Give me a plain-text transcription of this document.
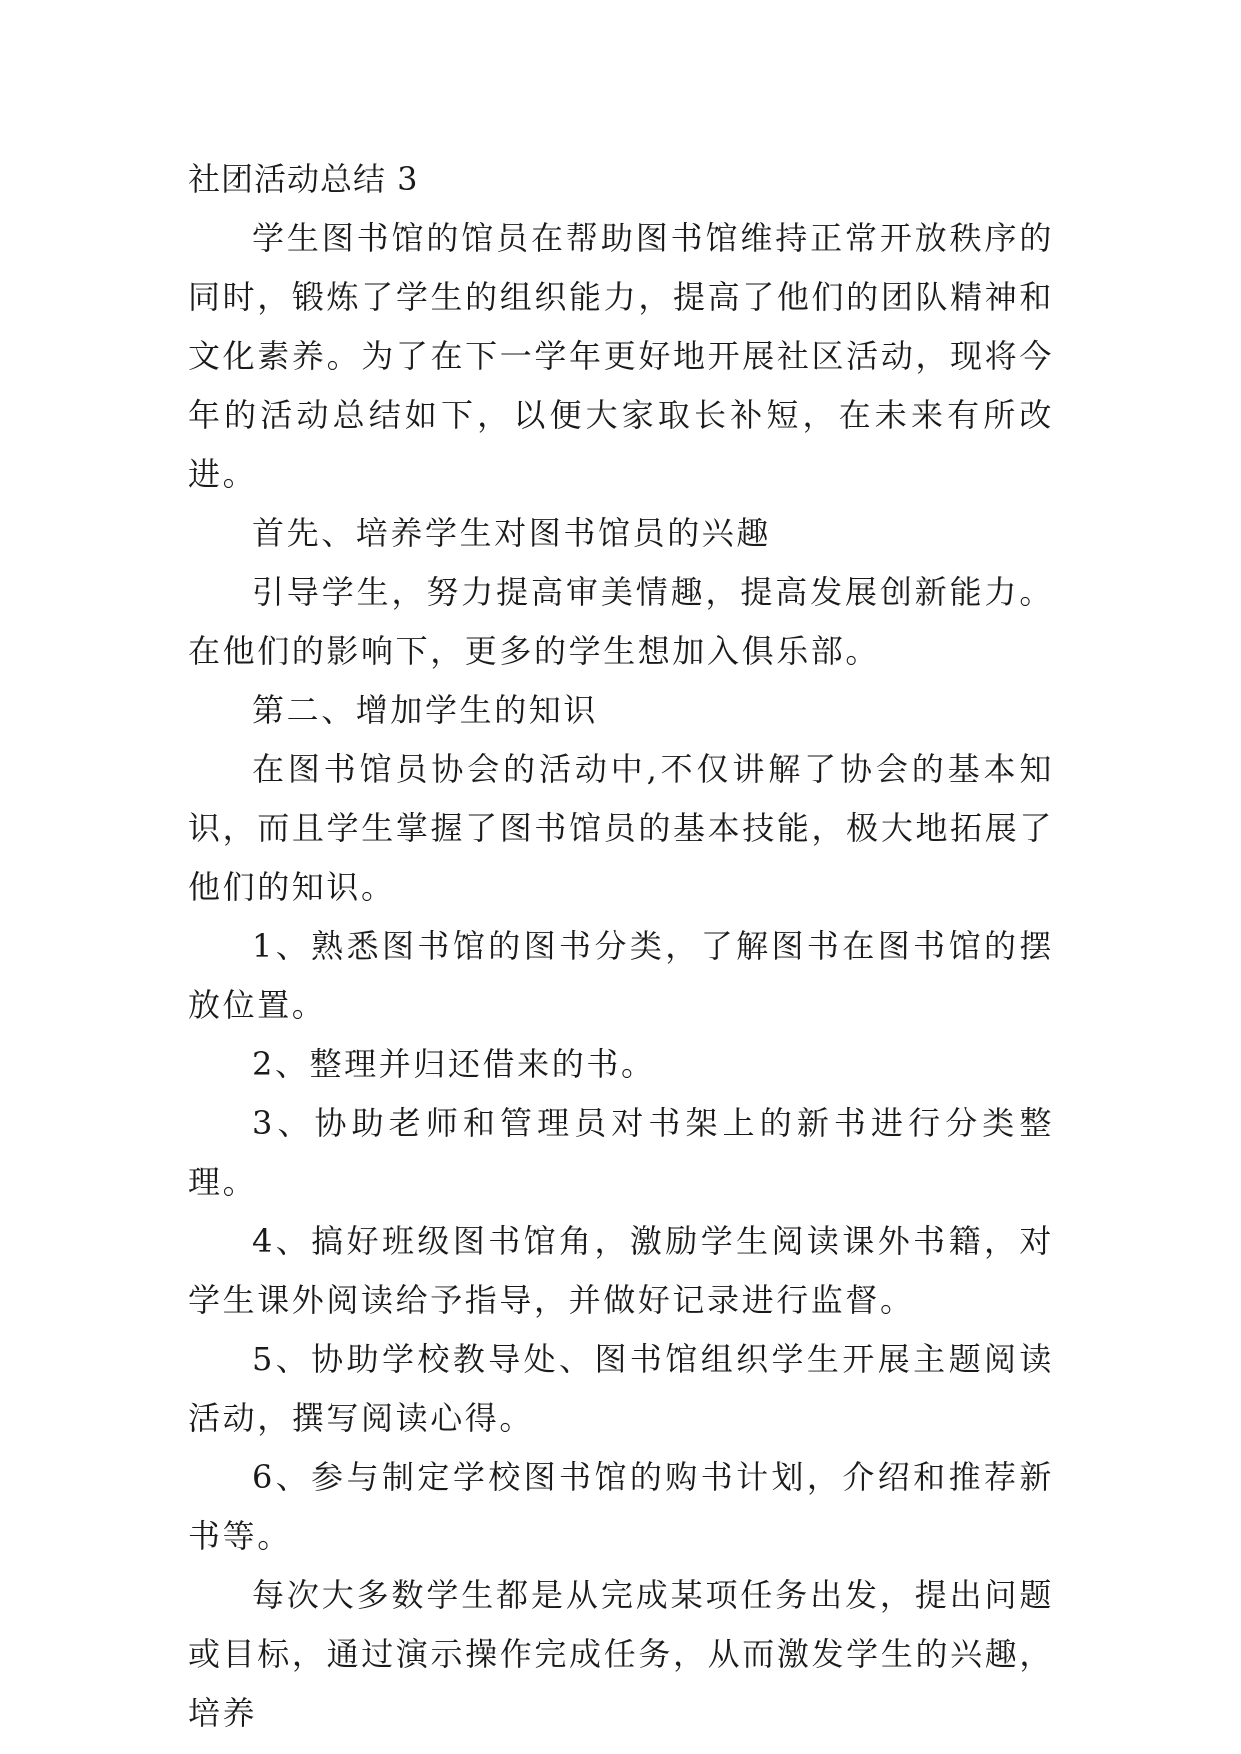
社团活动总结 3

学生图书馆的馆员在帮助图书馆维持正常开放秩序的同时，锻炼了学生的组织能力，提高了他们的团队精神和文化素养。为了在下一学年更好地开展社区活动，现将今年的活动总结如下，以便大家取长补短，在未来有所改进。

首先、培养学生对图书馆员的兴趣

引导学生，努力提高审美情趣，提高发展创新能力。在他们的影响下，更多的学生想加入俱乐部。

第二、增加学生的知识

在图书馆员协会的活动中,不仅讲解了协会的基本知识，而且学生掌握了图书馆员的基本技能，极大地拓展了他们的知识。

1、熟悉图书馆的图书分类，了解图书在图书馆的摆放位置。

2、整理并归还借来的书。

3、协助老师和管理员对书架上的新书进行分类整理。

4、搞好班级图书馆角，激励学生阅读课外书籍，对学生课外阅读给予指导，并做好记录进行监督。

5、协助学校教导处、图书馆组织学生开展主题阅读活动，撰写阅读心得。

6、参与制定学校图书馆的购书计划，介绍和推荐新书等。

每次大多数学生都是从完成某项任务出发，提出问题或目标，通过演示操作完成任务，从而激发学生的兴趣，培养
